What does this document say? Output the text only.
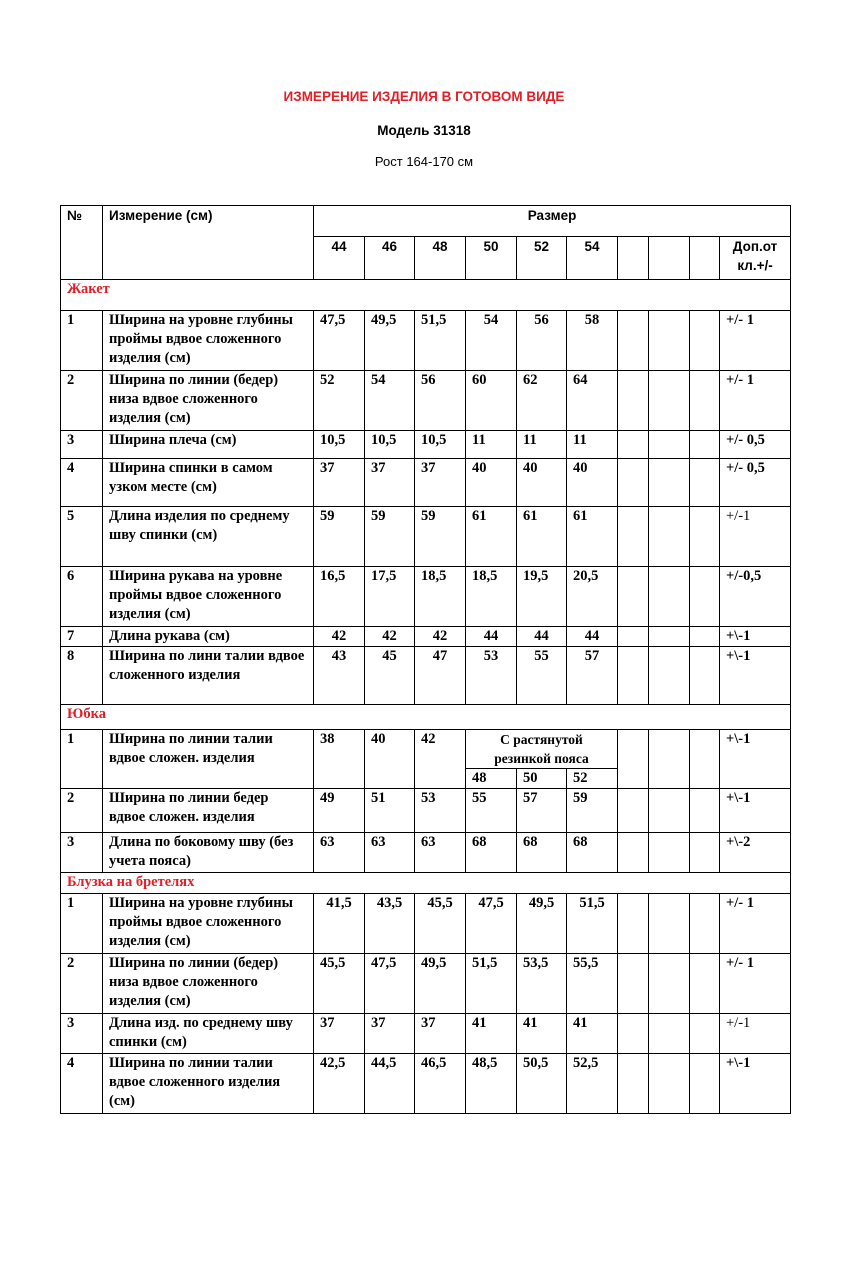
ИЗМЕРЕНИЕ ИЗДЕЛИЯ В ГОТОВОМ ВИДЕ
Модель 31318
Рост 164-170 см
№	Измерение (см)	Размер									
		44	46	48	50	52	54				Доп.от кл.+/-
Жакет											
1	Ширина на уровне глубины проймы вдвое сложенного изделия (см)	47,5	49,5	51,5	54	56	58				+/- 1
2	Ширина по линии (бедер) низа вдвое сложенного изделия (см)	52	54	56	60	62	64				+/- 1
3	Ширина плеча (см)	10,5	10,5	10,5	11	11	11				+/- 0,5
4	Ширина спинки в самом узком месте (см)	37	37	37	40	40	40				+/- 0,5
5	Длина изделия по среднему шву спинки (см)	59	59	59	61	61	61				+/-1
6	Ширина рукава на уровне проймы вдвое сложенного изделия (см)	16,5	17,5	18,5	18,5	19,5	20,5				+/-0,5
7	Длина рукава (см)	42	42	42	44	44	44				+\-1
8	Ширина по лини талии вдвое сложенного изделия	43	45	47	53	55	57				+\-1
Юбка											
1	Ширина по линии талии вдвое сложен. изделия	38	40	42	С растянутой резинкой пояса						+\-1
					48	50	52				
2	Ширина по линии бедер вдвое сложен. изделия	49	51	53	55	57	59				+\-1
3	Длина по боковому шву (без учета пояса)	63	63	63	68	68	68				+\-2
Блузка на бретелях											
1	Ширина на уровне глубины проймы вдвое сложенного изделия (см)	41,5	43,5	45,5	47,5	49,5	51,5				+/- 1
2	Ширина по линии (бедер) низа вдвое сложенного изделия (см)	45,5	47,5	49,5	51,5	53,5	55,5				+/- 1
3	Длина изд. по среднему шву спинки (см)	37	37	37	41	41	41				+/-1
4	Ширина по линии талии вдвое сложенного изделия (см)	42,5	44,5	46,5	48,5	50,5	52,5				+\-1
